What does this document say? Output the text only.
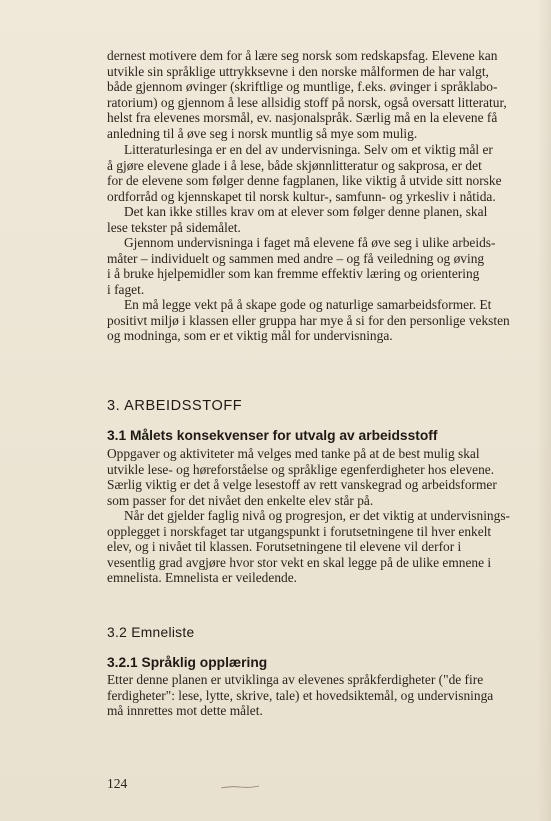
dernest motivere dem for å lære seg norsk som redskapsfag. Elevene kan
utvikle sin språklige uttrykksevne i den norske målformen de har valgt,
både gjennom øvinger (skriftlige og muntlige, f.eks. øvinger i språklabo-
ratorium) og gjennom å lese allsidig stoff på norsk, også oversatt litteratur,
helst fra elevenes morsmål, ev. nasjonalspråk. Særlig må en la elevene få
anledning til å øve seg i norsk muntlig så mye som mulig.

Litteraturlesinga er en del av undervisninga. Selv om et viktig mål er
å gjøre elevene glade i å lese, både skjønnlitteratur og sakprosa, er det
for de elevene som følger denne fagplanen, like viktig å utvide sitt norske
ordforråd og kjennskapet til norsk kultur-, samfunn- og yrkesliv i nåtida.

Det kan ikke stilles krav om at elever som følger denne planen, skal
lese tekster på sidemålet.

Gjennom undervisninga i faget må elevene få øve seg i ulike arbeids-
måter – individuelt og sammen med andre – og få veiledning og øving
i å bruke hjelpemidler som kan fremme effektiv læring og orientering
i faget.

En må legge vekt på å skape gode og naturlige samarbeidsformer. Et
positivt miljø i klassen eller gruppa har mye å si for den personlige veksten
og modninga, som er et viktig mål for undervisninga.

3. ARBEIDSSTOFF
3.1 Målets konsekvenser for utvalg av arbeidsstoff

Oppgaver og aktiviteter må velges med tanke på at de best mulig skal
utvikle lese- og høreforståelse og språklige egenferdigheter hos elevene.
Særlig viktig er det å velge lesestoff av rett vanskegrad og arbeidsformer
som passer for det nivået den enkelte elev står på.

Når det gjelder faglig nivå og progresjon, er det viktig at undervisnings-
opplegget i norskfaget tar utgangspunkt i forutsetningene til hver enkelt
elev, og i nivået til klassen. Forutsetningene til elevene vil derfor i
vesentlig grad avgjøre hvor stor vekt en skal legge på de ulike emnene i
emnelista. Emnelista er veiledende.

3.2 Emneliste
3.2.1 Språklig opplæring

Etter denne planen er utviklinga av elevenes språkferdigheter ("de fire
ferdigheter": lese, lytte, skrive, tale) et hovedsiktemål, og undervisninga
må innrettes mot dette målet.

124
